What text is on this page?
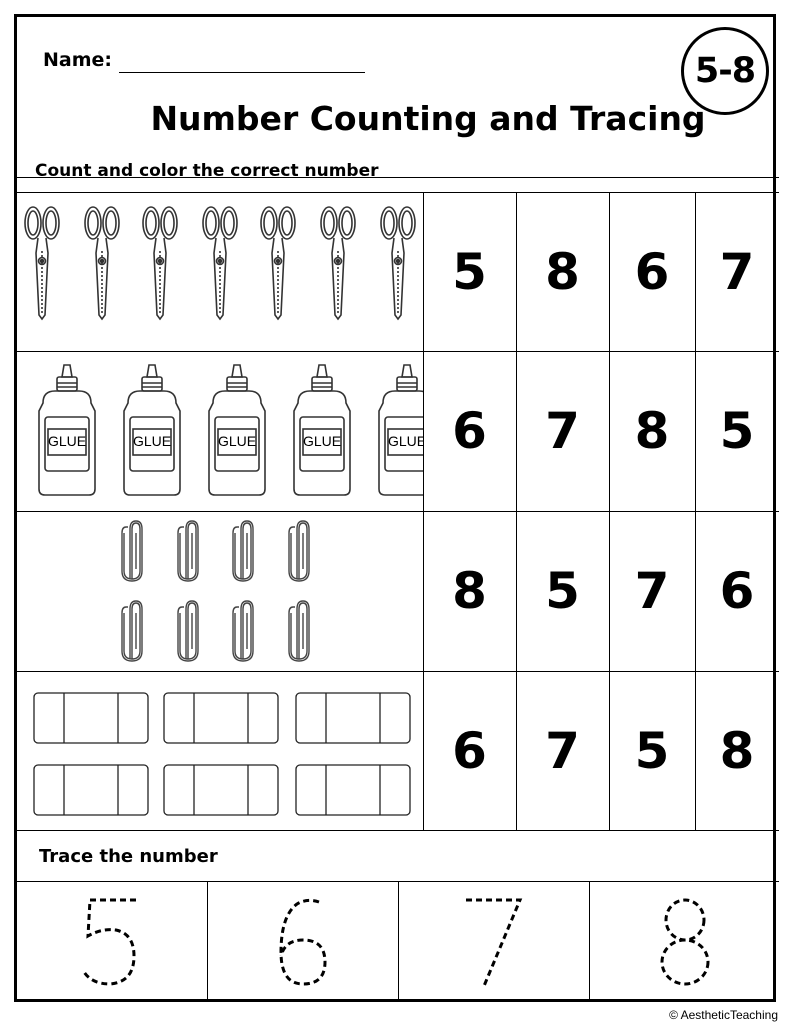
Name:	5-8
Number Counting and Tracing
Count and color the correct number
GLUE	GLUE	GLUE	GLUE	GLUE
5	8	6	7
6	7	8	5
8	5	7	6
6	7	5	8
Trace the number
© AestheticTeaching
